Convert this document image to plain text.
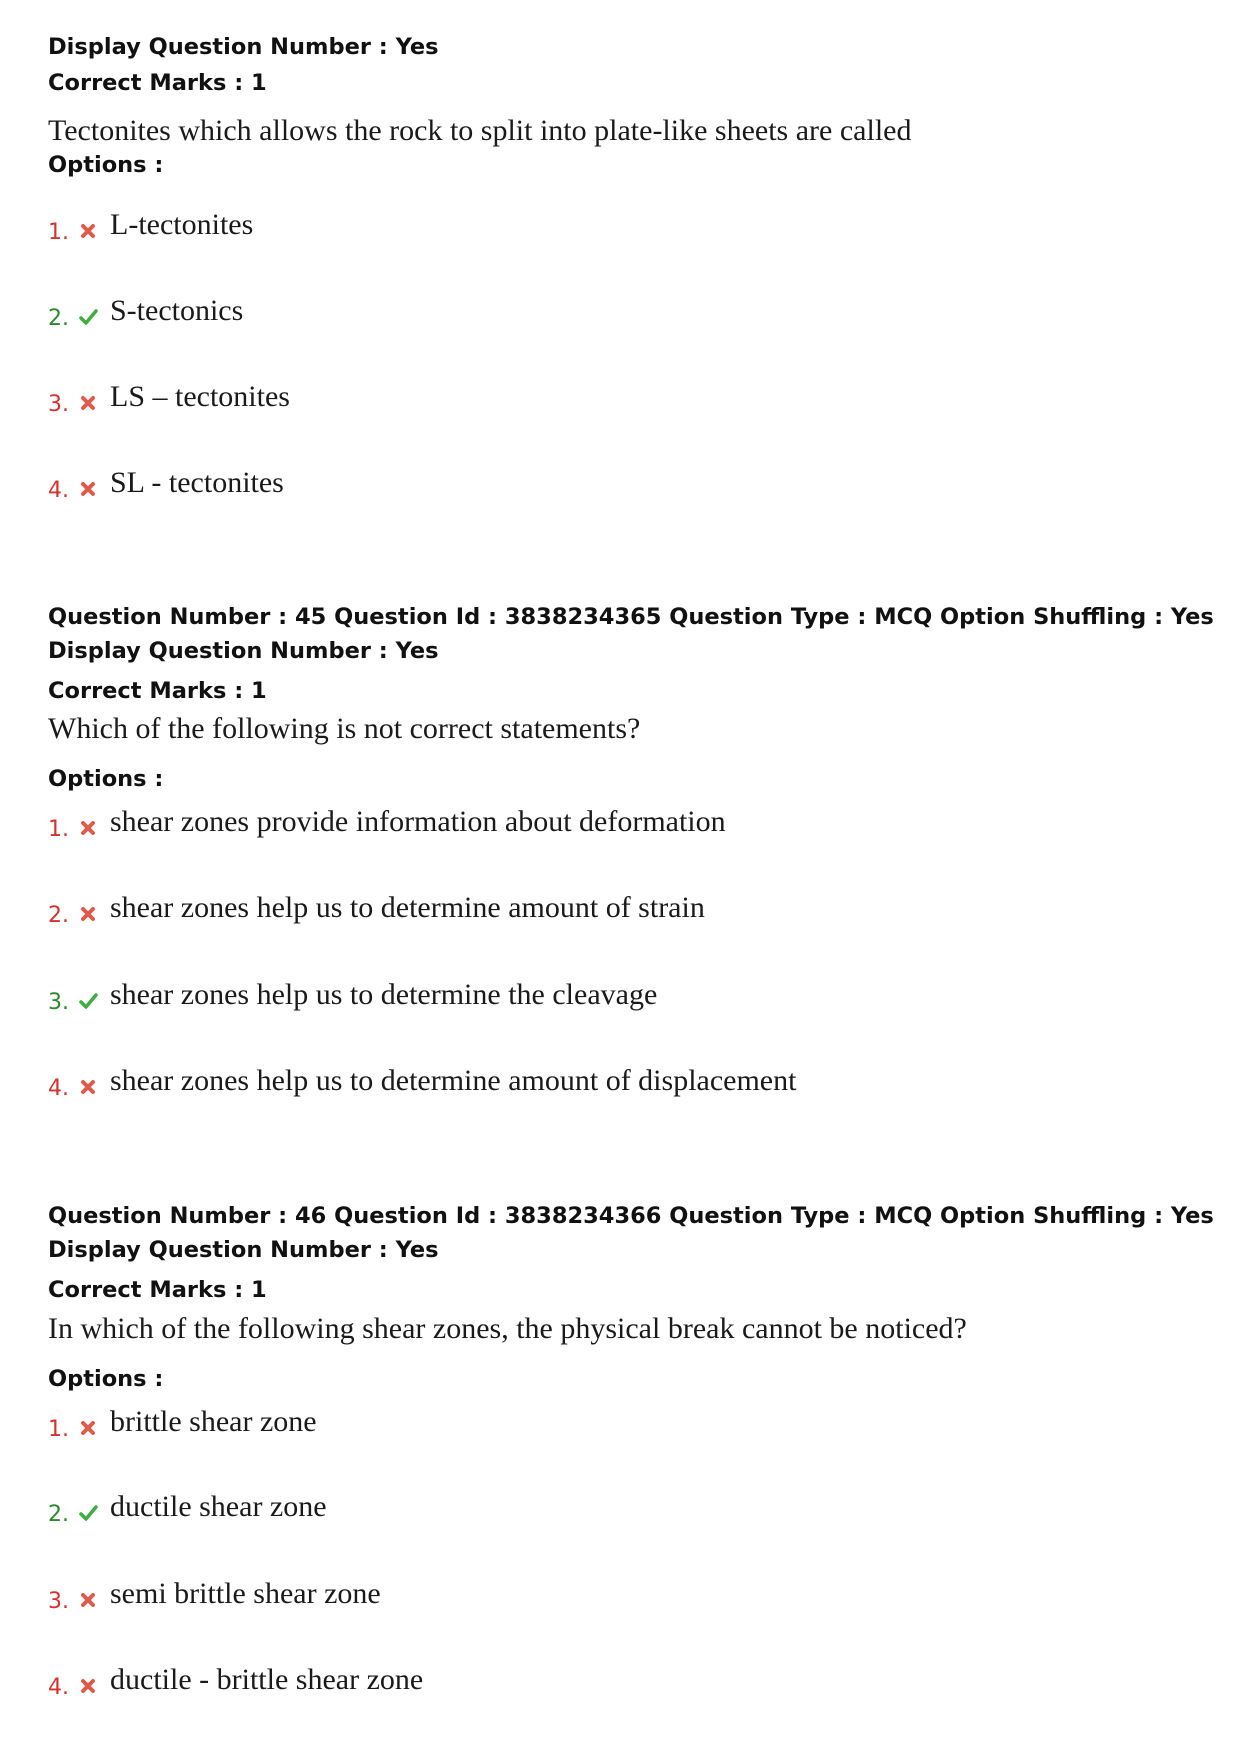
Display Question Number : Yes
Correct Marks : 1
Tectonites which allows the rock to split into plate-like sheets are called
Options :
1. L-tectonites
2. S-tectonics
3. LS – tectonites
4. SL - tectonites
Question Number : 45 Question Id : 3838234365 Question Type : MCQ Option Shuffling : Yes
Display Question Number : Yes
Correct Marks : 1
Which of the following is not correct statements?
Options :
1. shear zones provide information about deformation
2. shear zones help us to determine amount of strain
3. shear zones help us to determine the cleavage
4. shear zones help us to determine amount of displacement
Question Number : 46 Question Id : 3838234366 Question Type : MCQ Option Shuffling : Yes
Display Question Number : Yes
Correct Marks : 1
In which of the following shear zones, the physical break cannot be noticed?
Options :
1. brittle shear zone
2. ductile shear zone
3. semi brittle shear zone
4. ductile - brittle shear zone
